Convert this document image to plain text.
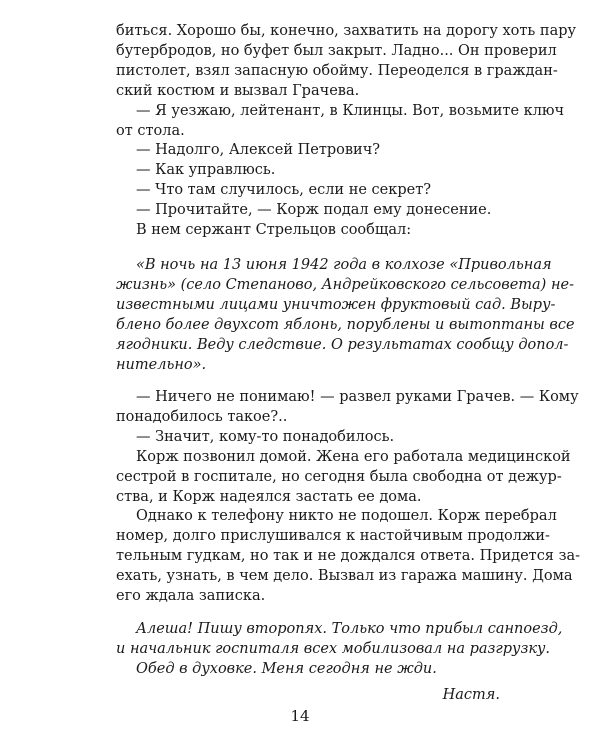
биться. Хорошо бы, конечно, захватить на дорогу хоть пару
бутербродов, но буфет был закрыт. Ладно... Он проверил
пистолет, взял запасную обойму. Переоделся в граждан-
ский костюм и вызвал Грачева.
— Я уезжаю, лейтенант, в Клинцы. Вот, возьмите ключ
от стола.
— Надолго, Алексей Петрович?
— Как управлюсь.
— Что там случилось, если не секрет?
— Прочитайте, — Корж подал ему донесение.
В нем сержант Стрельцов сообщал:
«В ночь на 13 июня 1942 года в колхозе «Привольная
жизнь» (село Степаново, Андрейковского сельсовета) не-
известными лицами уничтожен фруктовый сад. Выру-
блено более двухсот яблонь, порублены и вытоптаны все
ягодники. Веду следствие. О результатах сообщу допол-
нительно».
— Ничего не понимаю! — развел руками Грачев. — Кому
понадобилось такое?..
— Значит, кому-то понадобилось.
Корж позвонил домой. Жена его работала медицинской
сестрой в госпитале, но сегодня была свободна от дежур-
ства, и Корж надеялся застать ее дома.
Однако к телефону никто не подошел. Корж перебрал
номер, долго прислушивался к настойчивым продолжи-
тельным гудкам, но так и не дождался ответа. Придется за-
ехать, узнать, в чем дело. Вызвал из гаража машину. Дома
его ждала записка.
Алеша! Пишу второпях. Только что прибыл санпоезд,
и начальник госпиталя всех мобилизовал на разгрузку.
Обед в духовке. Меня сегодня не жди.
Настя.
14
